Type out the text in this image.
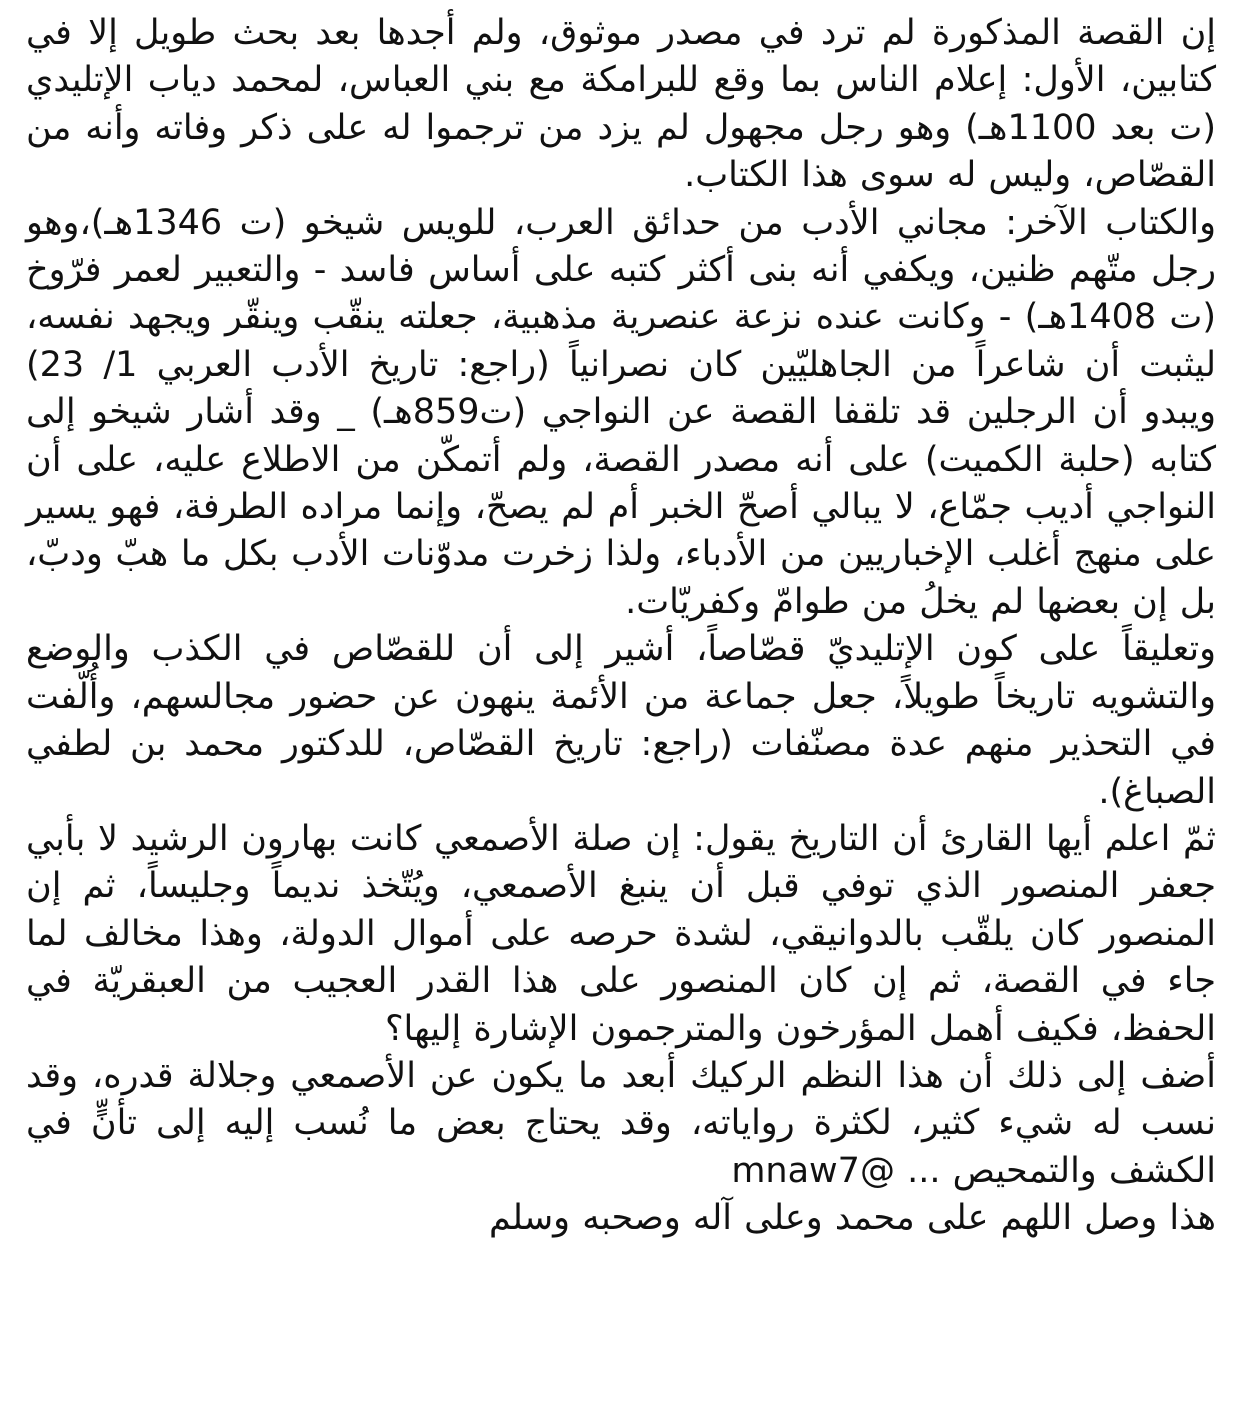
إن القصة المذكورة لم ترد في مصدر موثوق، ولم أجدها بعد بحث طويل إلا في كتابين، الأول: إعلام الناس بما وقع للبرامكة مع بني العباس، لمحمد دياب الإتليدي (ت بعد 1100هـ) وهو رجل مجهول لم يزد من ترجموا له على ذكر وفاته وأنه من القصّاص، وليس له سوى هذا الكتاب.

والكتاب الآخر: مجاني الأدب من حدائق العرب، للويس شيخو (ت 1346هـ)،وهو رجل متّهم ظنين، ويكفي أنه بنى أكثر كتبه على أساس فاسد - والتعبير لعمر فرّوخ (ت 1408هـ) - وكانت عنده نزعة عنصرية مذهبية، جعلته ينقّب وينقّر ويجهد نفسه، ليثبت أن شاعراً من الجاهليّين كان نصرانياً (راجع: تاريخ الأدب العربي 1/ 23) ويبدو أن الرجلين قد تلقفا القصة عن النواجي (ت859هـ) _ وقد أشار شيخو إلى كتابه (حلبة الكميت) على أنه مصدر القصة، ولم أتمكّن من الاطلاع عليه، على أن النواجي أديب جمّاع، لا يبالي أصحّ الخبر أم لم يصحّ، وإنما مراده الطرفة، فهو يسير على منهج أغلب الإخباريين من الأدباء، ولذا زخرت مدوّنات الأدب بكل ما هبّ ودبّ، بل إن بعضها لم يخلُ من طوامّ وكفريّات.

وتعليقاً على كون الإتليديّ قصّاصاً، أشير إلى أن للقصّاص في الكذب والوضع والتشويه تاريخاً طويلاً، جعل جماعة من الأئمة ينهون عن حضور مجالسهم، وأُلّفت في التحذير منهم عدة مصنّفات (راجع: تاريخ القصّاص، للدكتور محمد بن لطفي الصباغ).

ثمّ اعلم أيها القارئ أن التاريخ يقول: إن صلة الأصمعي كانت بهارون الرشيد لا بأبي جعفر المنصور الذي توفي قبل أن ينبغ الأصمعي، ويُتّخذ نديماً وجليساً، ثم إن المنصور كان يلقّب بالدوانيقي، لشدة حرصه على أموال الدولة، وهذا مخالف لما جاء في القصة، ثم إن كان المنصور على هذا القدر العجيب من العبقريّة في الحفظ، فكيف أهمل المؤرخون والمترجمون الإشارة إليها؟

أضف إلى ذلك أن هذا النظم الركيك أبعد ما يكون عن الأصمعي وجلالة قدره، وقد نسب له شيء كثير، لكثرة رواياته، وقد يحتاج بعض ما نُسب إليه إلى تأنٍّ في الكشف والتمحيص ... @mnaw7

هذا وصل اللهم على محمد وعلى آله وصحبه وسلم
